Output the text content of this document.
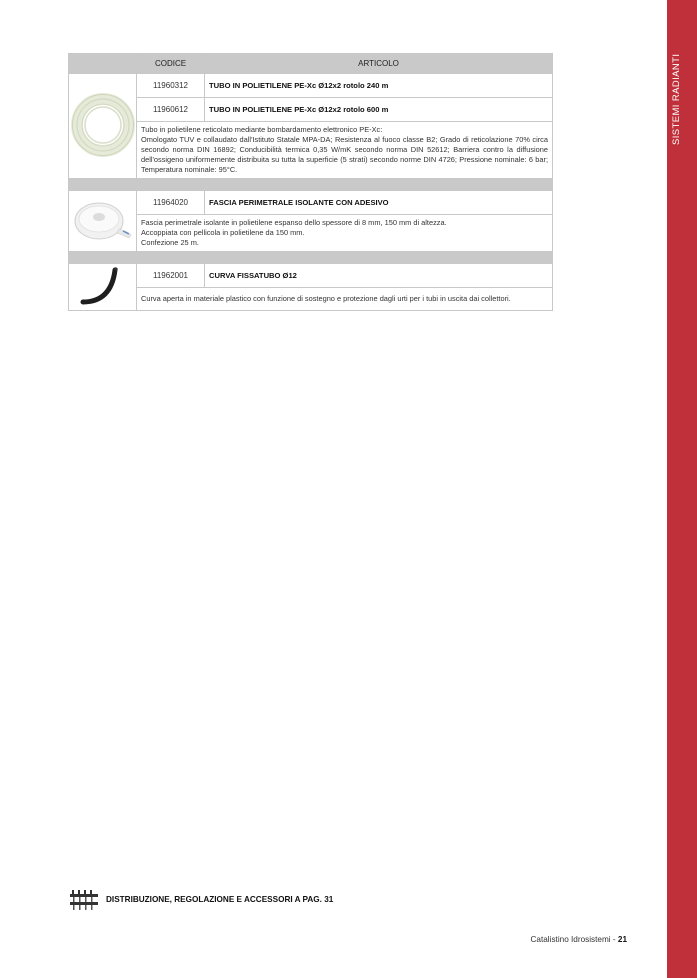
SISTEMI RADIANTI
	CODICE	ARTICOLO
	11960312	TUBO IN POLIETILENE PE-Xc Ø12x2 rotolo 240 m
	11960612	TUBO IN POLIETILENE PE-Xc Ø12x2 rotolo 600 m

	Tubo in polietilene reticolato mediante bombardamento elettronico PE-Xc:
Omologato TUV e collaudato dall'Istituto Statale MPA-DA; Resistenza al fuoco classe B2; Grado di reticolazione 70% circa secondo norma DIN 16892; Conducibilità termica 0,35 W/mK secondo norma DIN 52612; Barriera contro la diffusione dell'ossigeno uniformemente distribuita su tutta la superficie (5 strati) secondo norme DIN 4726; Pressione nominale: 6 bar; Temperatura nominale: 95°C.	

	11964020	FASCIA PERIMETRALE ISOLANTE CON ADESIVO

	Fascia perimetrale isolante in polietilene espanso dello spessore di 8 mm, 150 mm di altezza.
Accoppiata con pellicola in polietilene da 150 mm.
Confezione 25 m.	

	11962001	CURVA FISSATUBO Ø12

	Curva aperta in materiale plastico con funzione di sostegno e protezione dagli urti per i tubi in uscita dai collettori.	
DISTRIBUZIONE, REGOLAZIONE E ACCESSORI A PAG. 31
Catalistino Idrosistemi - 21
